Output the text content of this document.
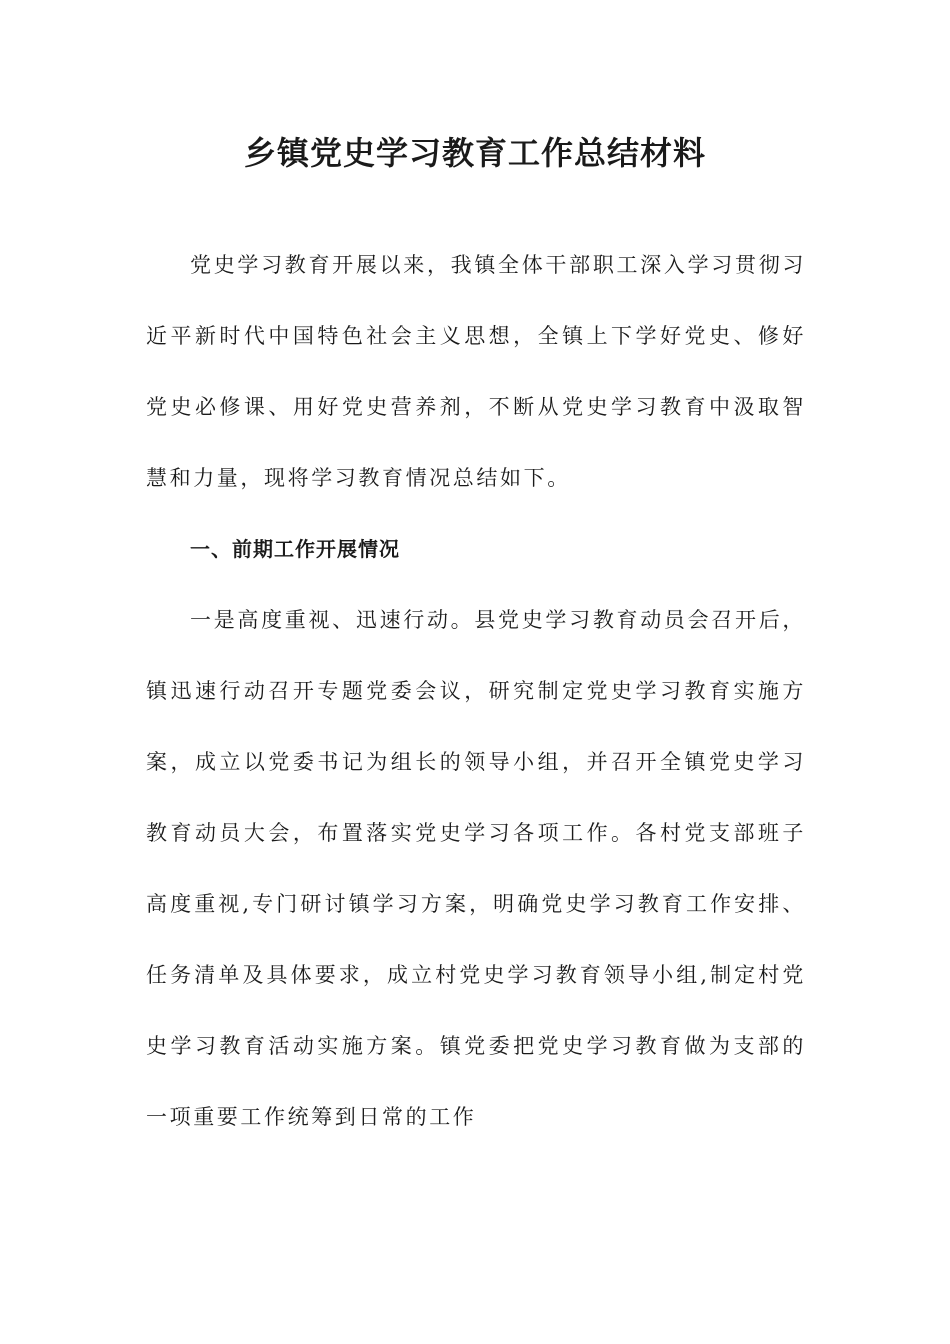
乡镇党史学习教育工作总结材料

党史学习教育开展以来，我镇全体干部职工深入学习贯彻习近平新时代中国特色社会主义思想，全镇上下学好党史、修好党史必修课、用好党史营养剂，不断从党史学习教育中汲取智慧和力量，现将学习教育情况总结如下。

一、前期工作开展情况

一是高度重视、迅速行动。县党史学习教育动员会召开后，镇迅速行动召开专题党委会议，研究制定党史学习教育实施方案，成立以党委书记为组长的领导小组，并召开全镇党史学习教育动员大会，布置落实党史学习各项工作。各村党支部班子高度重视,专门研讨镇学习方案，明确党史学习教育工作安排、任务清单及具体要求，成立村党史学习教育领导小组,制定村党史学习教育活动实施方案。镇党委把党史学习教育做为支部的一项重要工作统筹到日常的工作
